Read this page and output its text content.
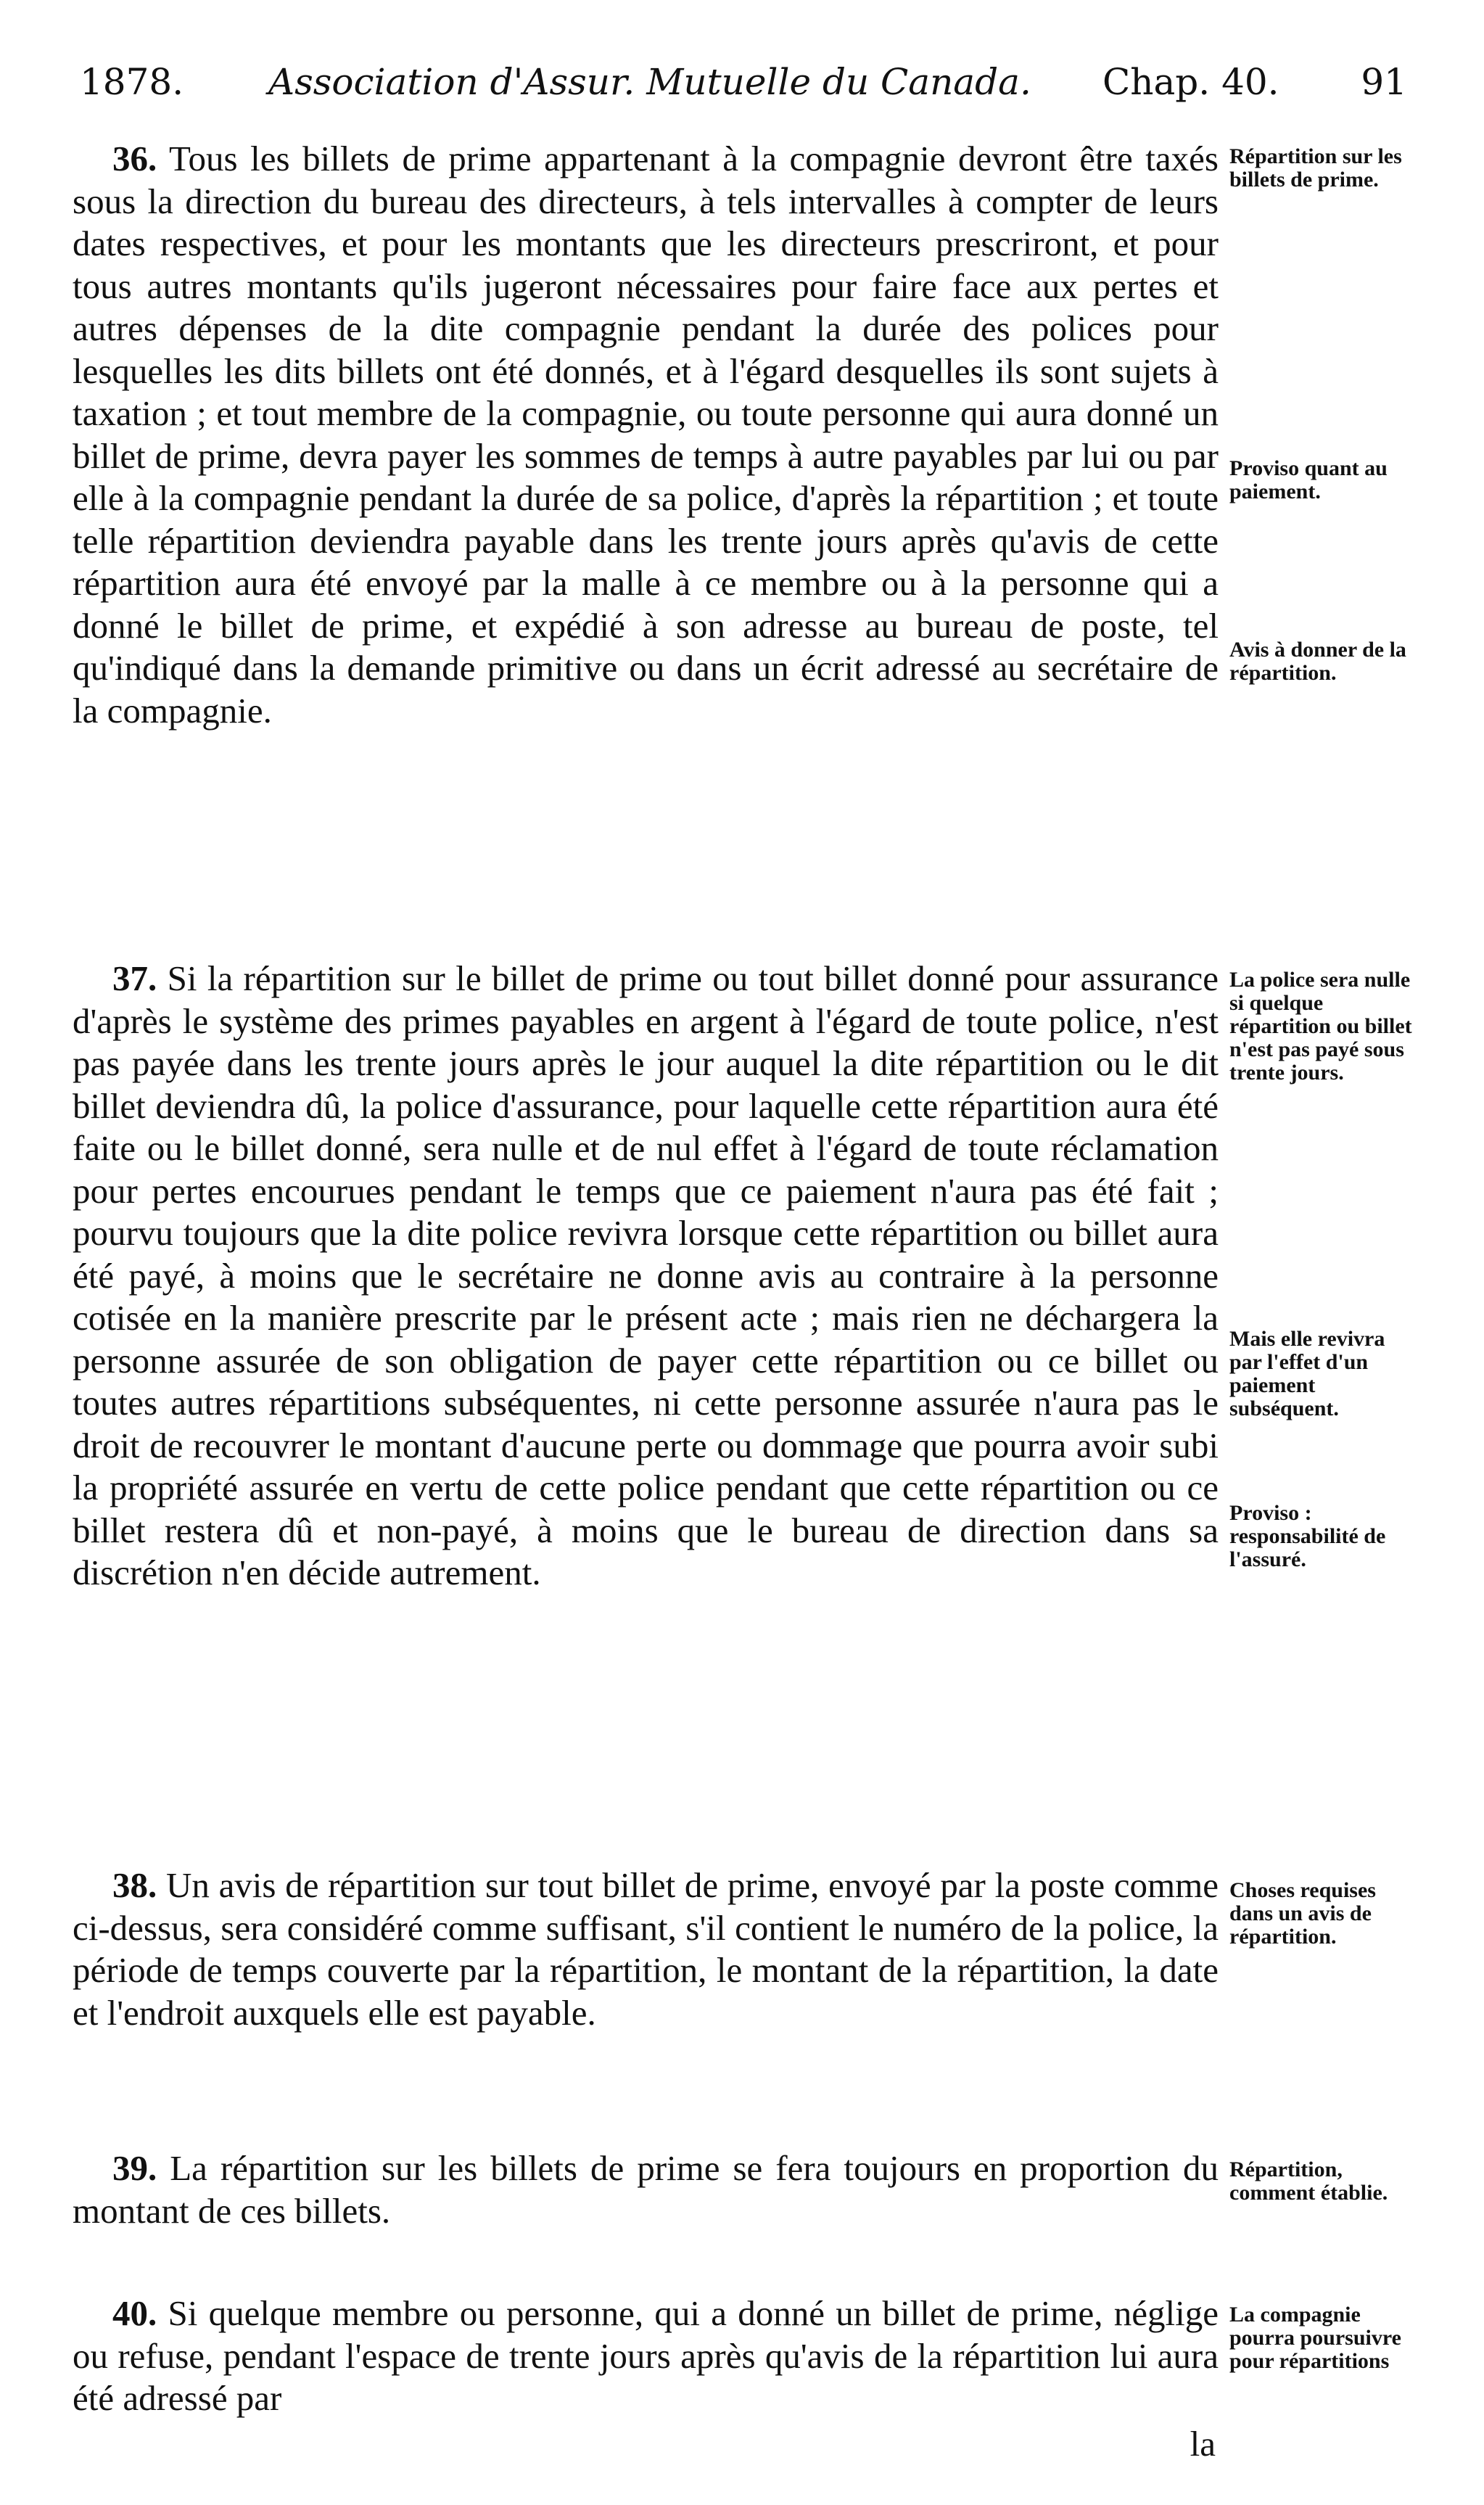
1878. Association d'Assur. Mutuelle du Canada. Chap. 40. 91

36. Tous les billets de prime appartenant à la compagnie devront être taxés sous la direction du bureau des directeurs, à tels intervalles à compter de leurs dates respectives, et pour les montants que les directeurs prescriront, et pour tous autres montants qu'ils jugeront nécessaires pour faire face aux pertes et autres dépenses de la dite compagnie pendant la durée des polices pour lesquelles les dits billets ont été donnés, et à l'égard desquelles ils sont sujets à taxation ; et tout membre de la compagnie, ou toute personne qui aura donné un billet de prime, devra payer les sommes de temps à autre payables par lui ou par elle à la compagnie pendant la durée de sa police, d'après la répartition ; et toute telle répartition deviendra payable dans les trente jours après qu'avis de cette répartition aura été envoyé par la malle à ce membre ou à la personne qui a donné le billet de prime, et expédié à son adresse au bureau de poste, tel qu'indiqué dans la demande primitive ou dans un écrit adressé au secrétaire de la compagnie.

37. Si la répartition sur le billet de prime ou tout billet donné pour assurance d'après le système des primes payables en argent à l'égard de toute police, n'est pas payée dans les trente jours après le jour auquel la dite répartition ou le dit billet deviendra dû, la police d'assurance, pour laquelle cette répartition aura été faite ou le billet donné, sera nulle et de nul effet à l'égard de toute réclamation pour pertes encourues pendant le temps que ce paiement n'aura pas été fait ; pourvu toujours que la dite police revivra lorsque cette répartition ou billet aura été payé, à moins que le secrétaire ne donne avis au contraire à la personne cotisée en la manière prescrite par le présent acte ; mais rien ne déchargera la personne assurée de son obligation de payer cette répartition ou ce billet ou toutes autres répartitions subséquentes, ni cette personne assurée n'aura pas le droit de recouvrer le montant d'aucune perte ou dommage que pourra avoir subi la propriété assurée en vertu de cette police pendant que cette répartition ou ce billet restera dû et non-payé, à moins que le bureau de direction dans sa discrétion n'en décide autrement.

38. Un avis de répartition sur tout billet de prime, envoyé par la poste comme ci-dessus, sera considéré comme suffisant, s'il contient le numéro de la police, la période de temps couverte par la répartition, le montant de la répartition, la date et l'endroit auxquels elle est payable.

39. La répartition sur les billets de prime se fera toujours en proportion du montant de ces billets.

40. Si quelque membre ou personne, qui a donné un billet de prime, néglige ou refuse, pendant l'espace de trente jours après qu'avis de la répartition lui aura été adressé par

la

Répartition sur les billets de prime.

Proviso quant au paiement.

Avis à donner de la répartition.

La police sera nulle si quelque répartition ou billet n'est pas payé sous trente jours.

Mais elle revivra par l'effet d'un paiement subséquent.

Proviso : responsabilité de l'assuré.

Choses requises dans un avis de répartition.

Répartition, comment établie.

La compagnie pourra poursuivre pour répartitions
